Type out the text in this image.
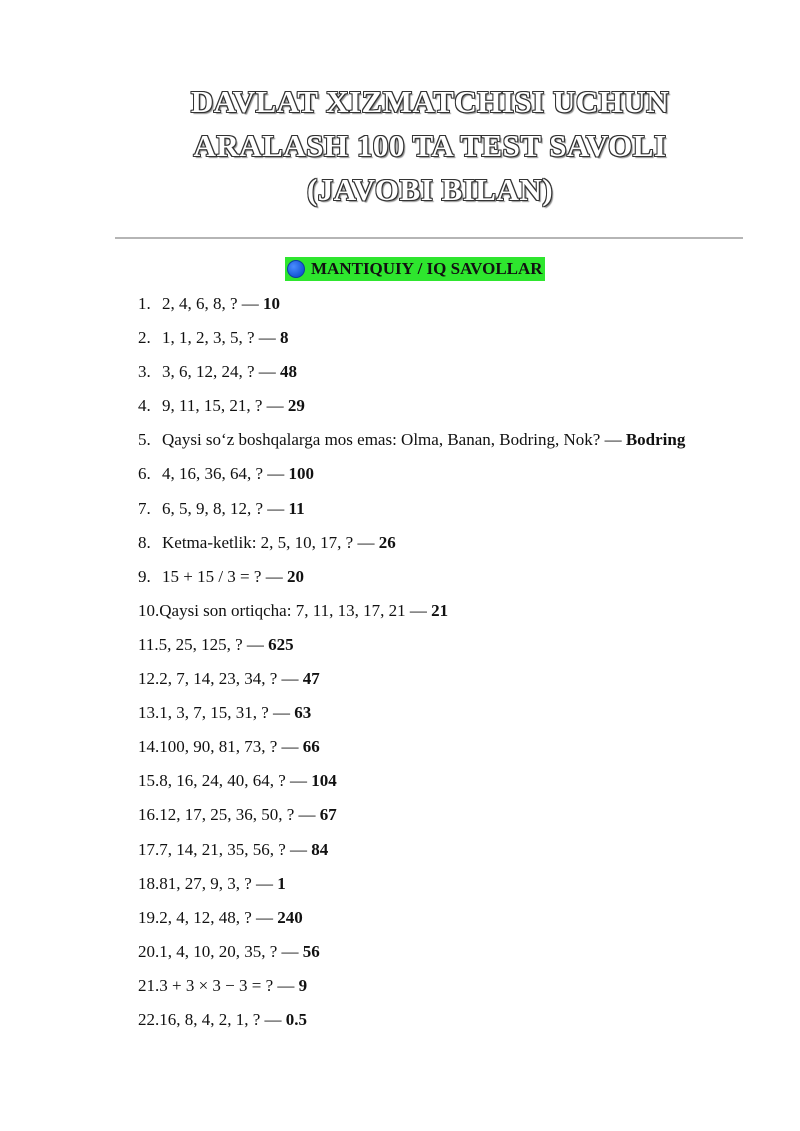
DAVLAT XIZMATCHISI UCHUN
ARALASH 100 TA TEST SAVOLI
(JAVOBI BILAN)
MANTIQUIY / IQ SAVOLLAR
1. 2, 4, 6, 8, ? — 10
2. 1, 1, 2, 3, 5, ? — 8
3. 3, 6, 12, 24, ? — 48
4. 9, 11, 15, 21, ? — 29
5. Qaysi so‘z boshqalarga mos emas: Olma, Banan, Bodring, Nok? — Bodring
6. 4, 16, 36, 64, ? — 100
7. 6, 5, 9, 8, 12, ? — 11
8. Ketma-ketlik: 2, 5, 10, 17, ? — 26
9. 15 + 15 / 3 = ? — 20
10.Qaysi son ortiqcha: 7, 11, 13, 17, 21 — 21
11.5, 25, 125, ? — 625
12.2, 7, 14, 23, 34, ? — 47
13.1, 3, 7, 15, 31, ? — 63
14.100, 90, 81, 73, ? — 66
15.8, 16, 24, 40, 64, ? — 104
16.12, 17, 25, 36, 50, ? — 67
17.7, 14, 21, 35, 56, ? — 84
18.81, 27, 9, 3, ? — 1
19.2, 4, 12, 48, ? — 240
20.1, 4, 10, 20, 35, ? — 56
21.3 + 3 × 3 − 3 = ? — 9
22.16, 8, 4, 2, 1, ? — 0.5
